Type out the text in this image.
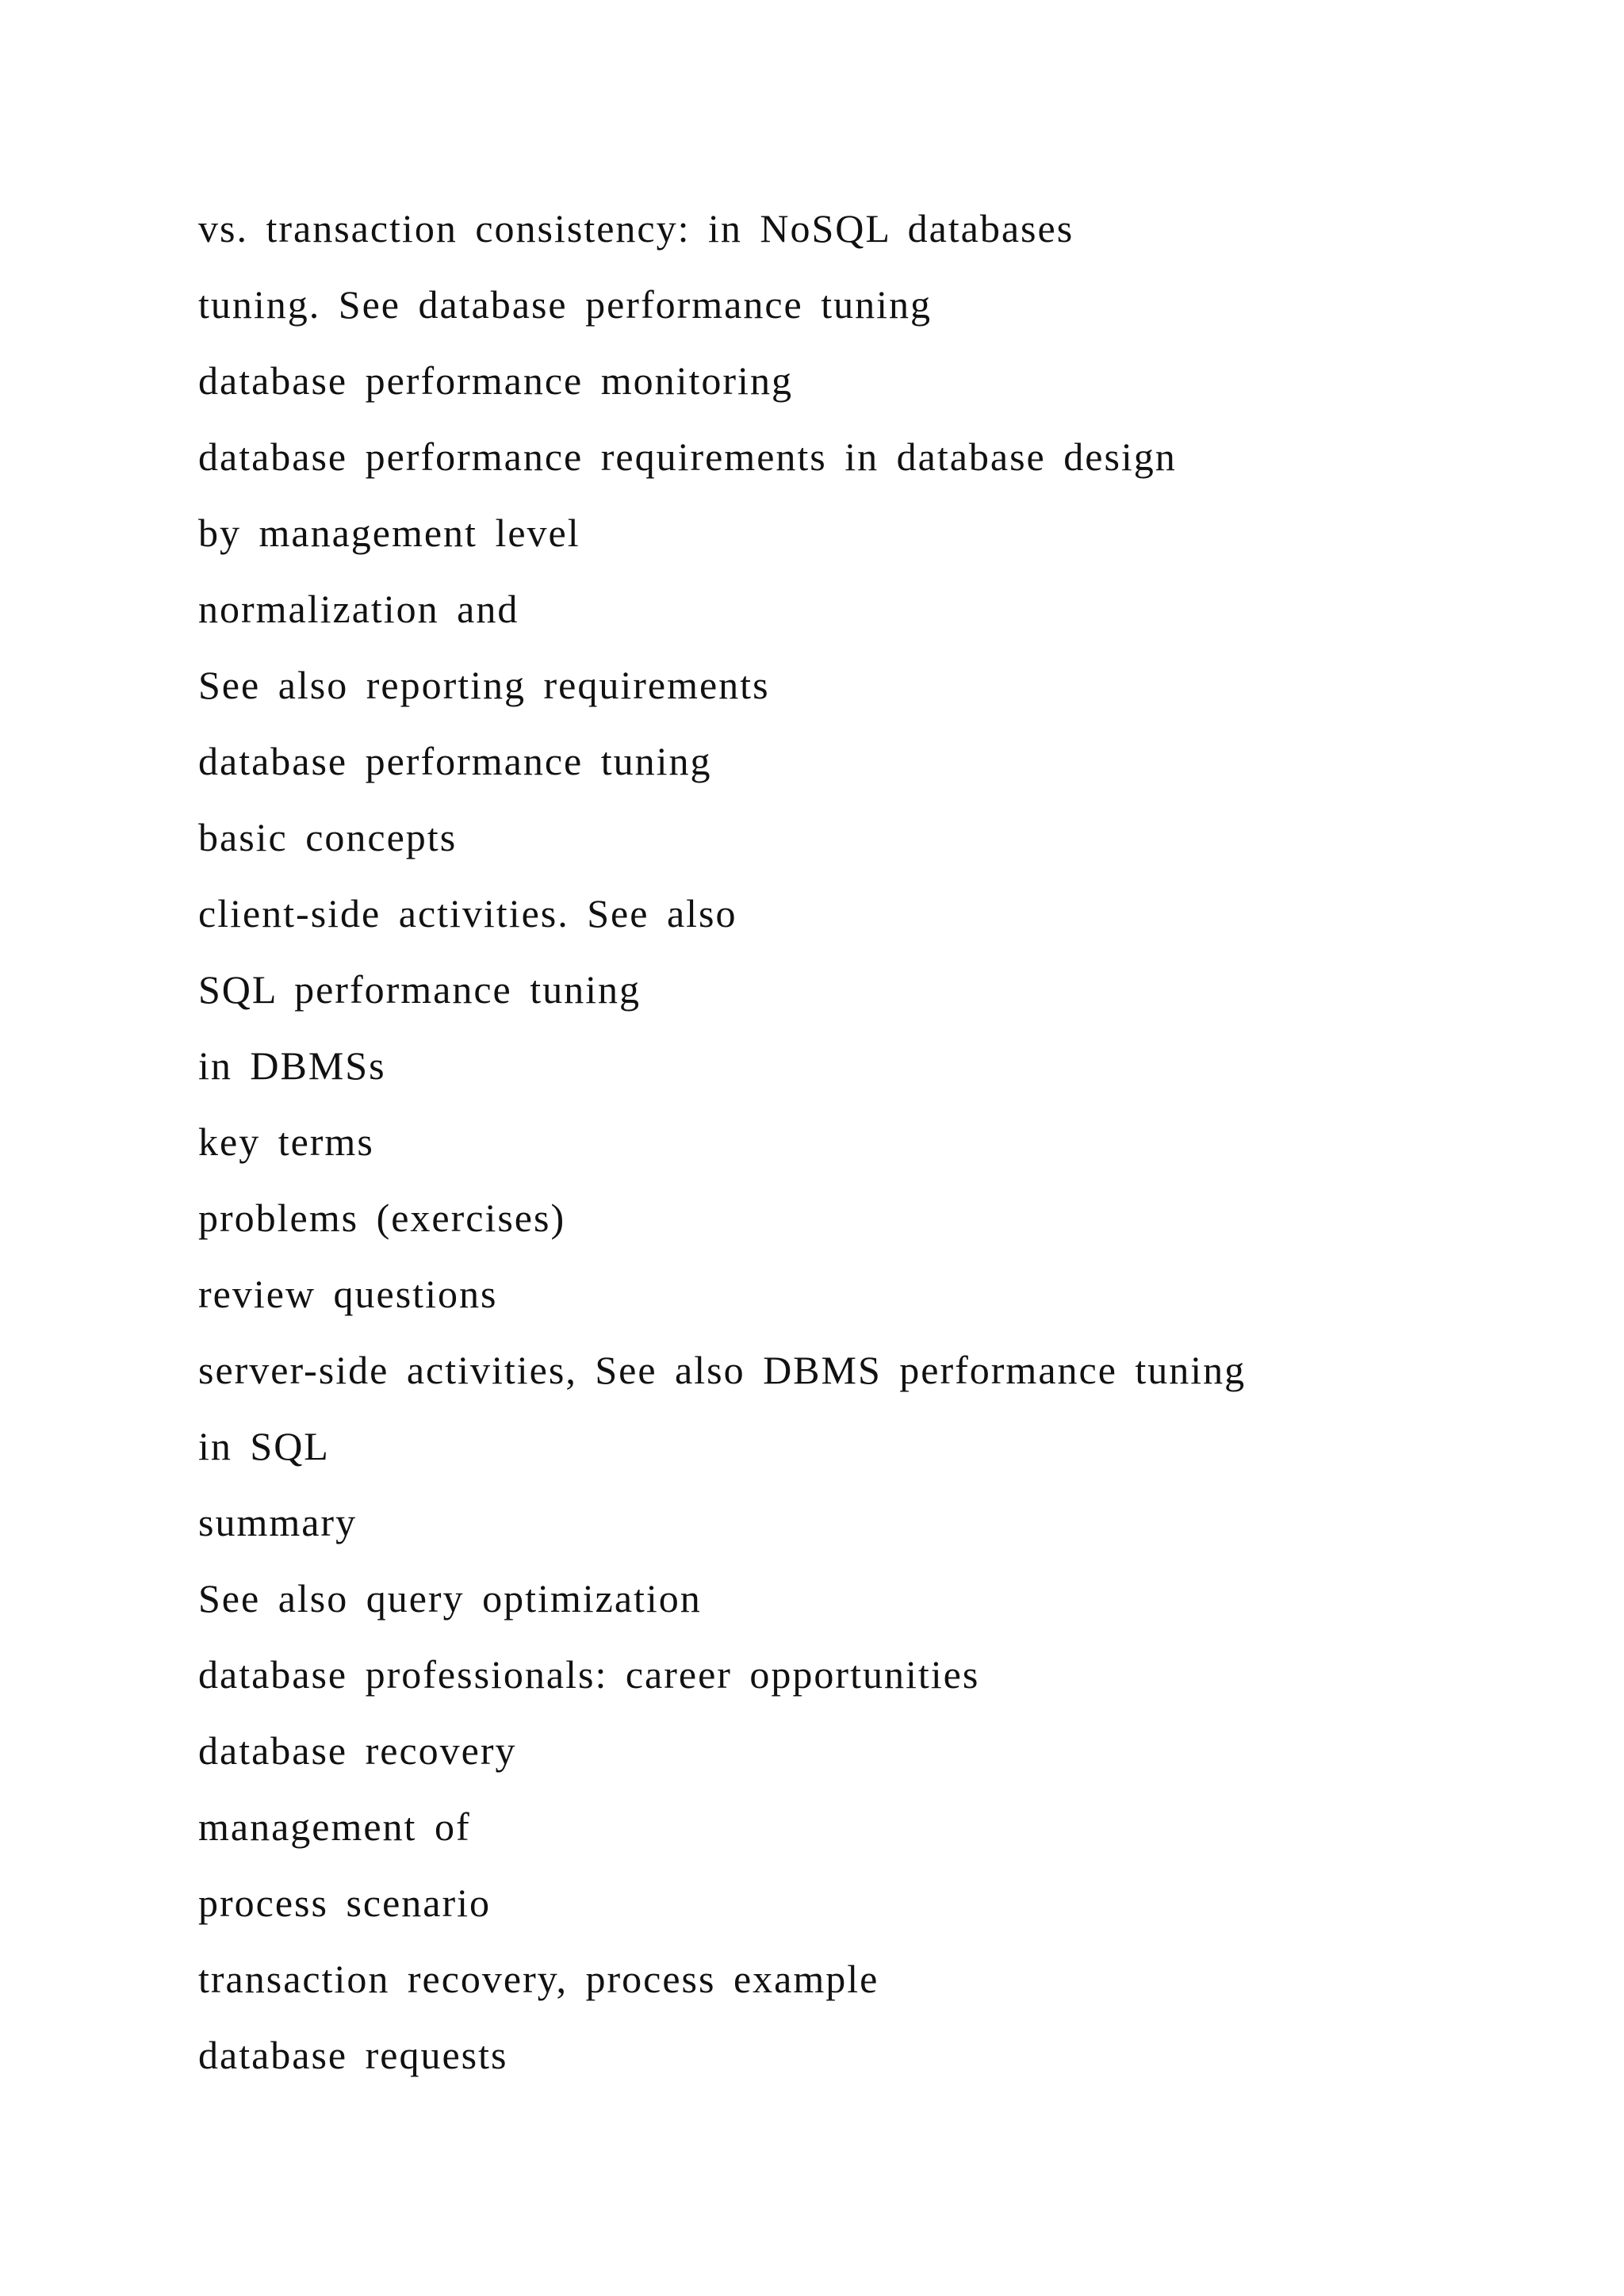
vs. transaction consistency: in NoSQL databases
tuning. See database performance tuning
database performance monitoring
database performance requirements in database design
by management level
normalization and
See also reporting requirements
database performance tuning
basic concepts
client-side activities. See also
SQL performance tuning
in DBMSs
key terms
problems (exercises)
review questions
server-side activities, See also DBMS performance tuning
in SQL
summary
See also query optimization
database professionals: career opportunities
database recovery
management of
process scenario
transaction recovery, process example
database requests
